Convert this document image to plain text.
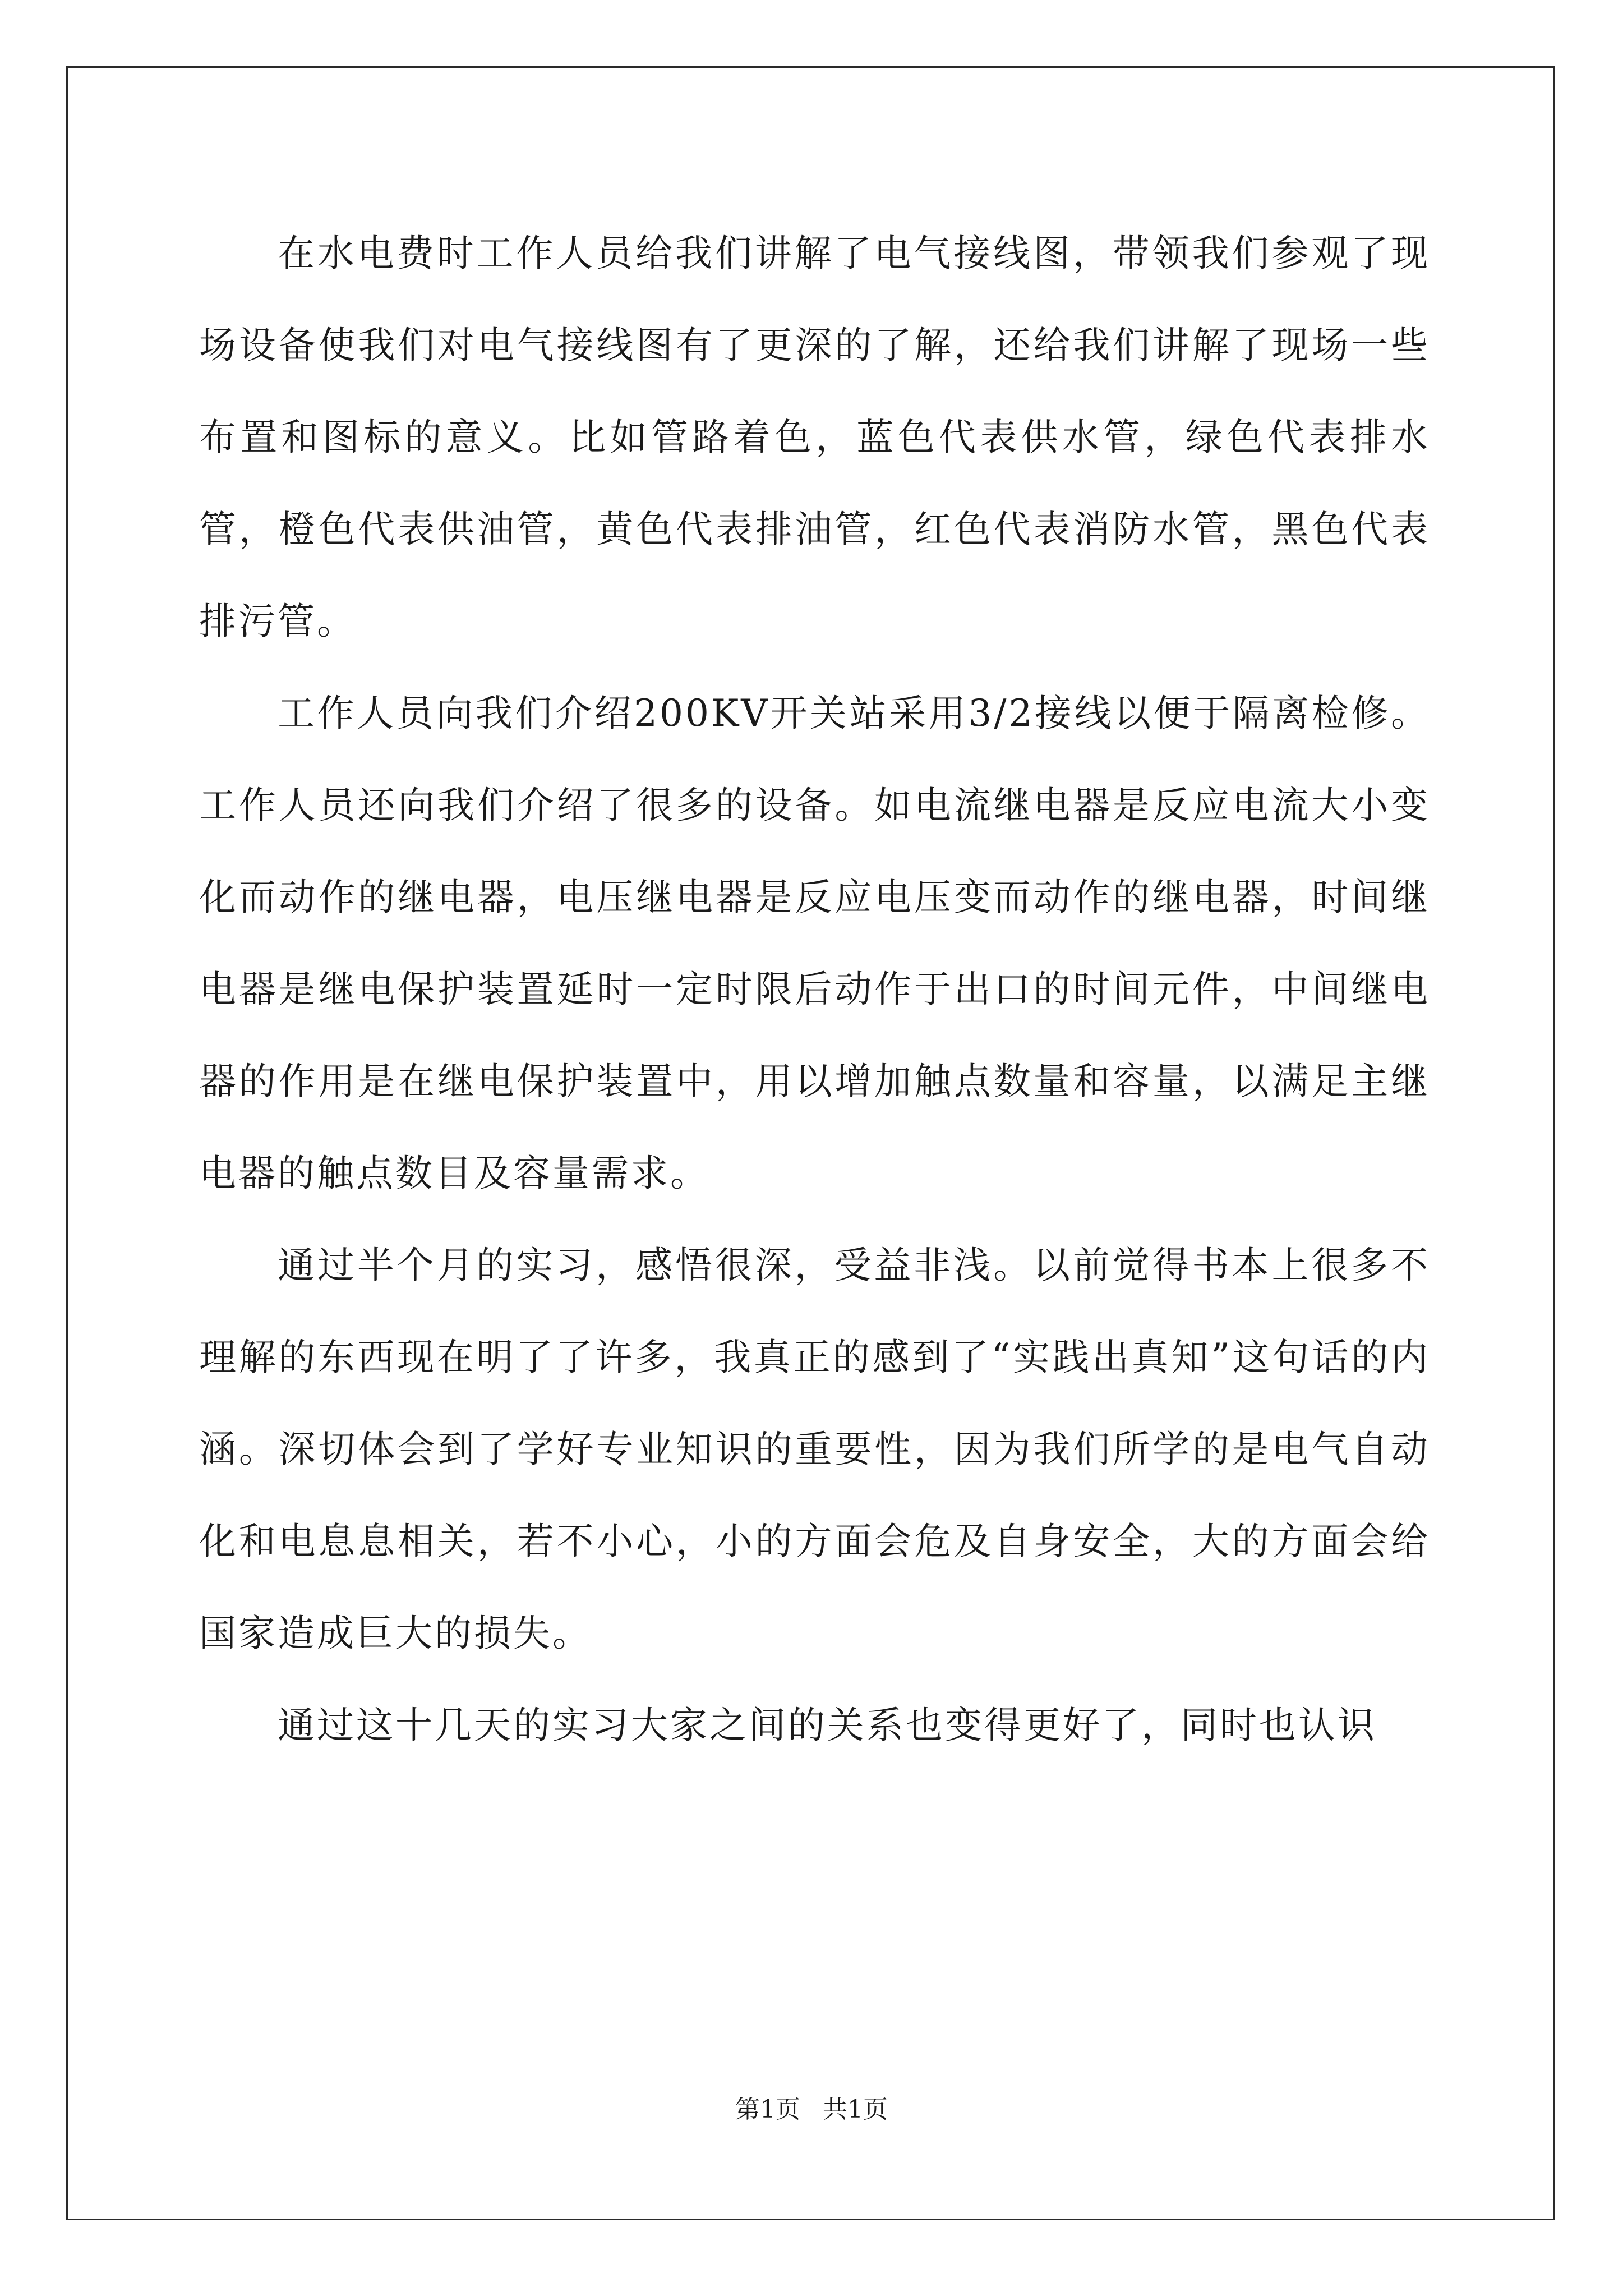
在水电费时工作人员给我们讲解了电气接线图，带领我们参观了现场设备使我们对电气接线图有了更深的了解，还给我们讲解了现场一些布置和图标的意义。比如管路着色，蓝色代表供水管，绿色代表排水管，橙色代表供油管，黄色代表排油管，红色代表消防水管，黑色代表排污管。

工作人员向我们介绍200KV开关站采用3/2接线以便于隔离检修。工作人员还向我们介绍了很多的设备。如电流继电器是反应电流大小变化而动作的继电器，电压继电器是反应电压变而动作的继电器，时间继电器是继电保护装置延时一定时限后动作于出口的时间元件，中间继电器的作用是在继电保护装置中，用以增加触点数量和容量，以满足主继电器的触点数目及容量需求。

通过半个月的实习，感悟很深，受益非浅。以前觉得书本上很多不理解的东西现在明了了许多，我真正的感到了“实践出真知”这句话的内涵。深切体会到了学好专业知识的重要性，因为我们所学的是电气自动化和电息息相关，若不小心，小的方面会危及自身安全，大的方面会给国家造成巨大的损失。

通过这十几天的实习大家之间的关系也变得更好了，同时也认识

第1页 共1页
